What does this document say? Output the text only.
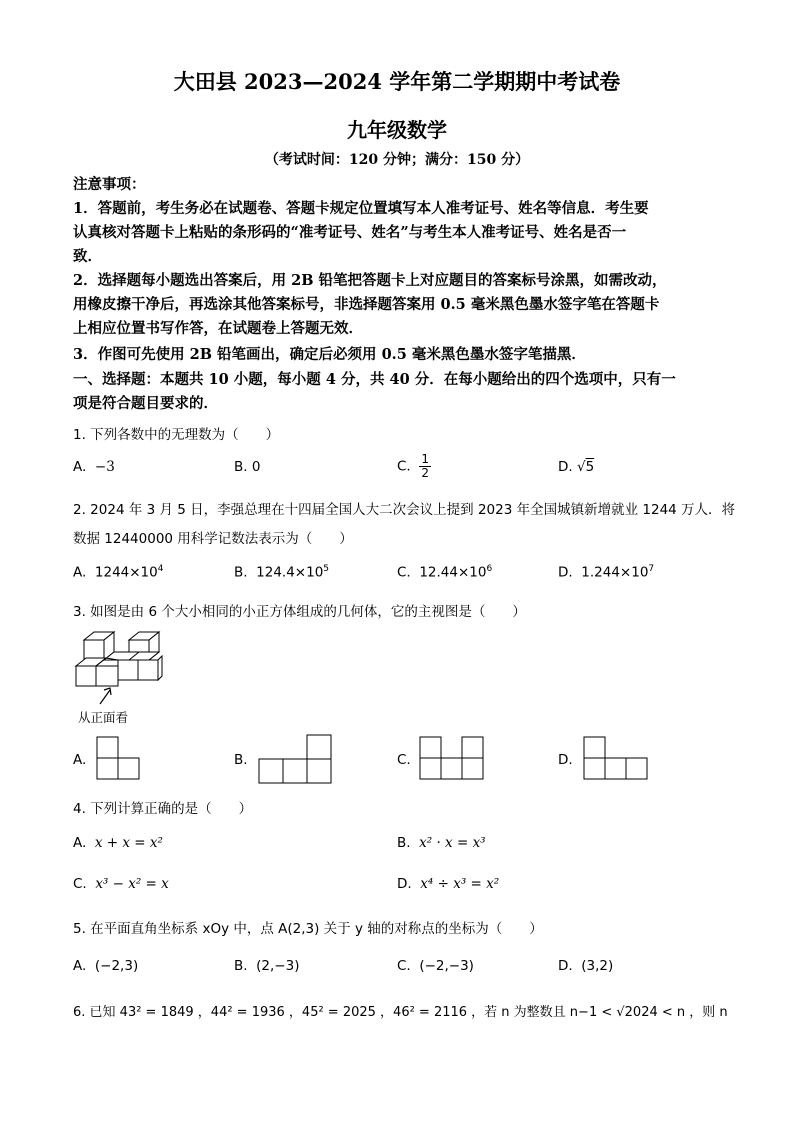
大田县 2023—2024 学年第二学期期中考试卷
九年级数学
（考试时间：120 分钟；满分：150 分）
注意事项：
1．答题前，考生务必在试题卷、答题卡规定位置填写本人准考证号、姓名等信息．考生要
认真核对答题卡上粘贴的条形码的“准考证号、姓名”与考生本人准考证号、姓名是否一
致．
2．选择题每小题选出答案后，用 2B 铅笔把答题卡上对应题目的答案标号涂黑，如需改动，
用橡皮擦干净后，再选涂其他答案标号，非选择题答案用 0.5 毫米黑色墨水签字笔在答题卡
上相应位置书写作答，在试题卷上答题无效．
3．作图可先使用 2B 铅笔画出，确定后必须用 0.5 毫米黑色墨水签字笔描黑．
一、选择题：本题共 10 小题，每小题 4 分，共 40 分．在每小题给出的四个选项中，只有一
项是符合题目要求的．
1. 下列各数中的无理数为（　　）
A. −3	B. 0	C. $\frac{1}{2}$	D. √5
2. 2024 年 3 月 5 日，李强总理在十四届全国人大二次会议上提到 2023 年全国城镇新增就业 1244 万人．将
数据 12440000 用科学记数法表示为（　　）
A. $1244\times 10^4$	B. $124.4\times 10^5$	C. $12.44\times 10^6$	D. $1.244\times 10^7$
3. 如图是由 6 个大小相同的小正方体组成的几何体，它的主视图是（　　）
从正面看
A.	B.	C.	D.
4. 下列计算正确的是（　　）
A. x + x = x²	B. x² · x = x³
C. x³ − x² = x	D. x⁴ ÷ x³ = x²
5. 在平面直角坐标系 xOy 中，点 A(2,3) 关于 y 轴的对称点的坐标为（　　）
A. (−2,3)	B. (2,−3)	C. (−2,−3)	D. (3,2)
6. 已知 43² = 1849 ，44² = 1936 ，45² = 2025 ，46² = 2116 ，若 n 为整数且 n−1 < √2024 < n ，则 n
